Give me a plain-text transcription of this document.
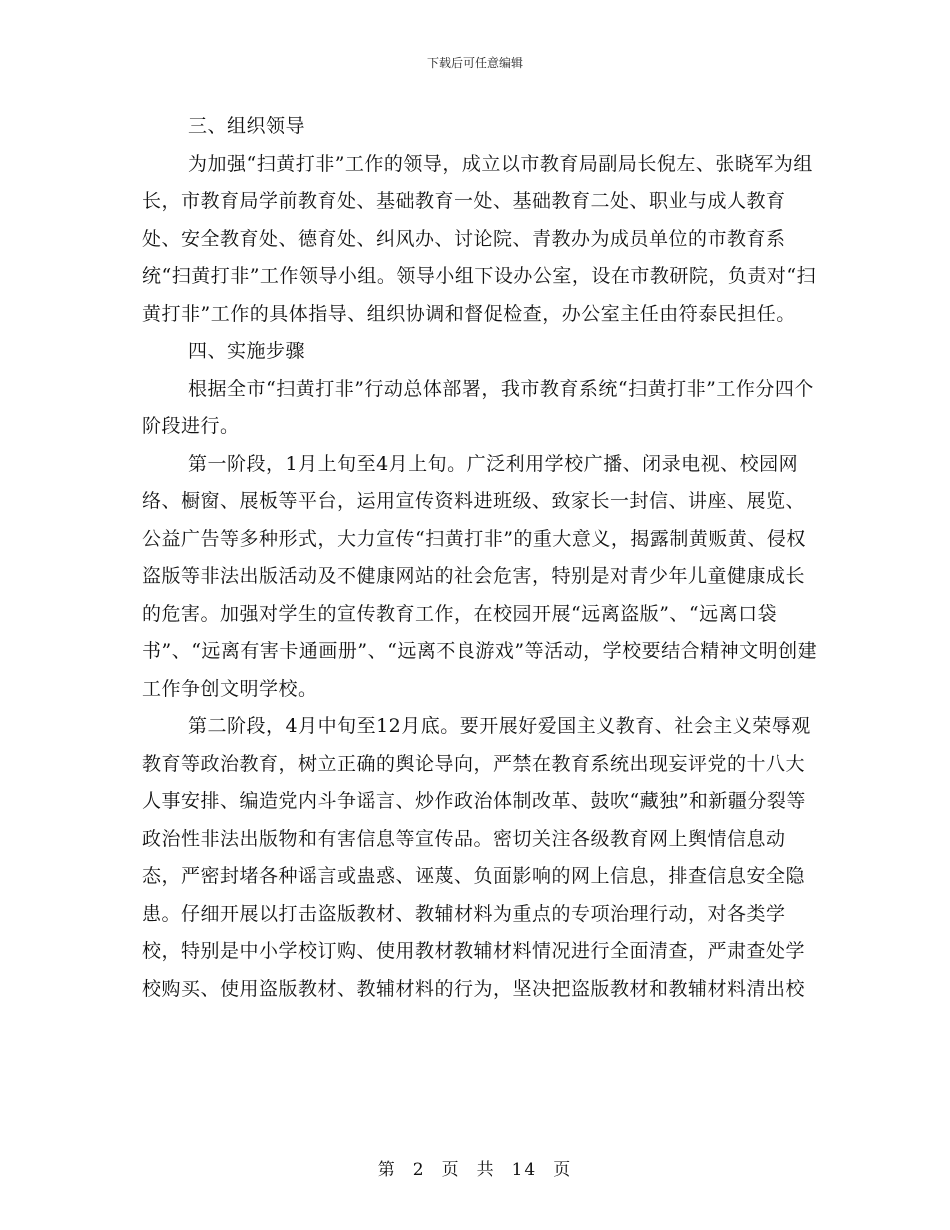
下载后可任意编辑

三、组织领导

为加强“扫黄打非”工作的领导，成立以市教育局副局长倪左、张晓军为组长，市教育局学前教育处、基础教育一处、基础教育二处、职业与成人教育处、安全教育处、德育处、纠风办、讨论院、青教办为成员单位的市教育系统“扫黄打非”工作领导小组。领导小组下设办公室，设在市教研院，负责对“扫黄打非”工作的具体指导、组织协调和督促检查，办公室主任由符泰民担任。

四、实施步骤

根据全市“扫黄打非”行动总体部署，我市教育系统“扫黄打非”工作分四个阶段进行。

第一阶段，1月上旬至4月上旬。广泛利用学校广播、闭录电视、校园网络、橱窗、展板等平台，运用宣传资料进班级、致家长一封信、讲座、展览、公益广告等多种形式，大力宣传“扫黄打非”的重大意义，揭露制黄贩黄、侵权盗版等非法出版活动及不健康网站的社会危害，特别是对青少年儿童健康成长的危害。加强对学生的宣传教育工作，在校园开展“远离盗版”、“远离口袋书”、“远离有害卡通画册”、“远离不良游戏”等活动，学校要结合精神文明创建工作争创文明学校。

第二阶段，4月中旬至12月底。要开展好爱国主义教育、社会主义荣辱观教育等政治教育，树立正确的舆论导向，严禁在教育系统出现妄评党的十八大人事安排、编造党内斗争谣言、炒作政治体制改革、鼓吹“藏独”和新疆分裂等政治性非法出版物和有害信息等宣传品。密切关注各级教育网上舆情信息动态，严密封堵各种谣言或蛊惑、诬蔑、负面影响的网上信息，排查信息安全隐患。仔细开展以打击盗版教材、教辅材料为重点的专项治理行动，对各类学校，特别是中小学校订购、使用教材教辅材料情况进行全面清查，严肃查处学校购买、使用盗版教材、教辅材料的行为，坚决把盗版教材和教辅材料清出校

第 2 页 共 14 页
